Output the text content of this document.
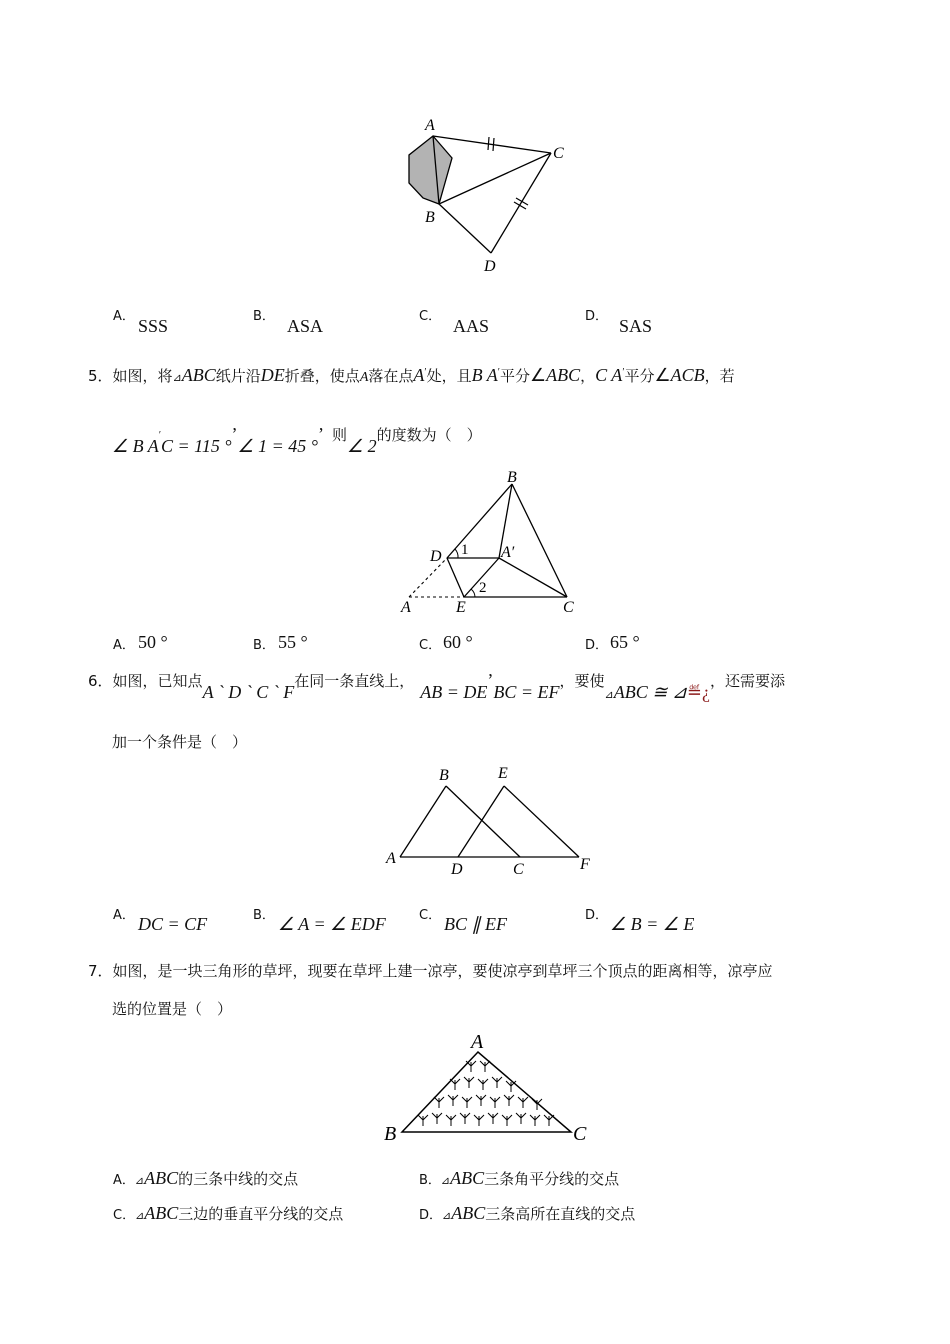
A
B
C
D
A． SSS	B． ASA	C． AAS	D． SAS
5．如图，将⊿ABC纸片沿DE折叠，使点A落在点A′处，且B A′平分∠ABC，C A′平分∠ACB，若
∠ B A′C = 115 °’∠ 1 = 45 °’ 则∠ 2的度数为（　）
B
D 1 A′
2
A	E	C
A． 50 °	B． 55 °	C． 60 °	D． 65 °
6．如图，已知点A ` D ` C ` F在同一条直线上，AB = DE’BC = EF，要使$_⊿$ABC ≅ ⊿≝¿，还需要添
加一个条件是（　）
B	E
A
D	C	F
A． DC = CF	B． ∠ A = ∠ EDF	C． BC ∥ EF	D． ∠ B = ∠ E
7．如图，是一块三角形的草坪，现要在草坪上建一凉亭，要使凉亭到草坪三个顶点的距离相等，凉亭应
选的位置是（　）
A
B	C
A．⊿ABC的三条中线的交点	B．⊿ABC三条角平分线的交点
C．⊿ABC三边的垂直平分线的交点	D．⊿ABC三条高所在直线的交点
